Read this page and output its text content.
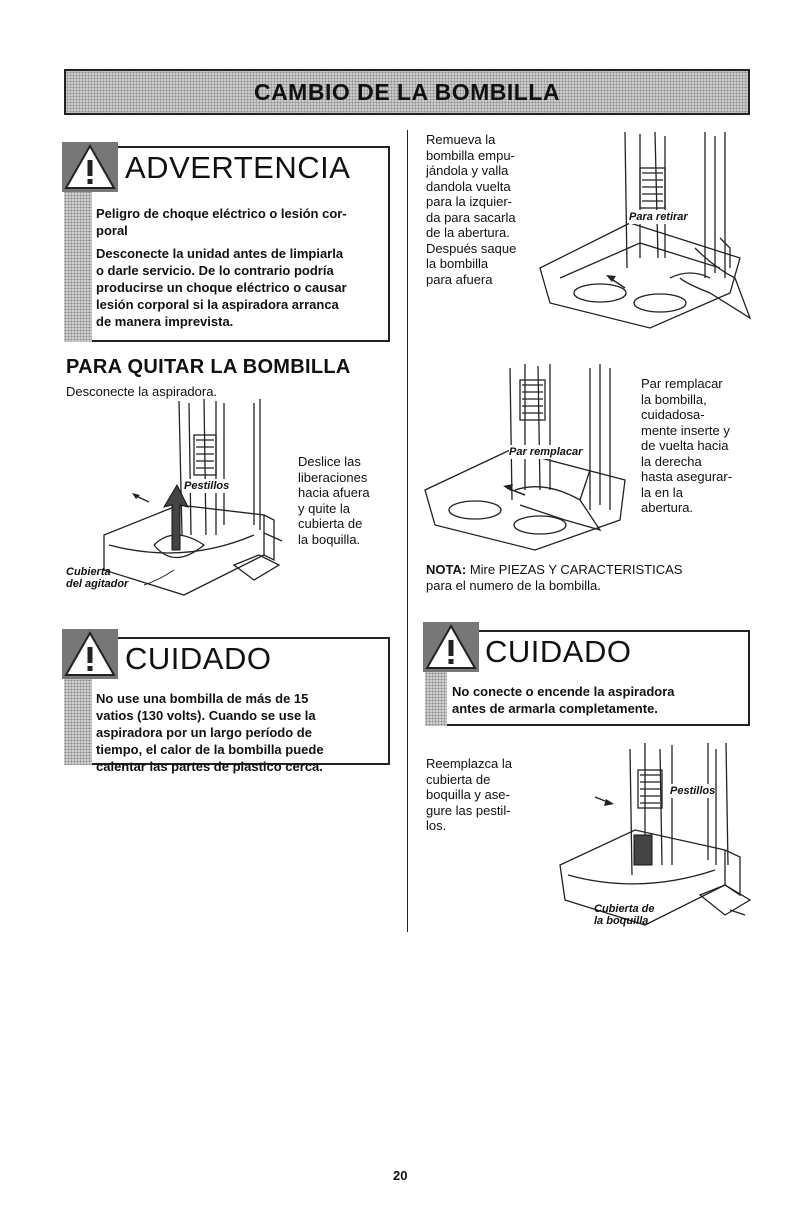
CAMBIO DE LA BOMBILLA
ADVERTENCIA
Peligro de choque eléctrico o lesión cor-
poral
Desconecte la unidad antes de limpiarla
o darle servicio. De lo contrario podría
producirse un choque eléctrico o causar
lesión corporal si la aspiradora arranca
de manera imprevista.
PARA QUITAR LA BOMBILLA
Desconecte la aspiradora.
Pestillos
Cubierta
del agitador
Deslice las
liberaciones
hacia afuera
y quite la
cubierta de
la boquilla.
CUIDADO
No use una bombilla de más de 15
vatios (130 volts). Cuando se use la
aspiradora por un largo período de
tiempo, el calor de la bombilla puede
calentar las partes de plastico cerca.
Remueva la
bombilla empu-
jándola y valla
dandola vuelta
para la izquier-
da para sacarla
de la abertura.
Después saque
la bombilla
para afuera
Para retirar
Par remplacar
Par remplacar
la bombilla,
cuidadosa-
mente inserte y
de vuelta hacia
la derecha
hasta asegurar-
la en la
abertura.
NOTA: Mire PIEZAS Y CARACTERISTICAS
para el numero de la bombilla.
CUIDADO
No conecte o encende la aspiradora
antes de armarla completamente.
Reemplazca la
cubierta de
boquilla y ase-
gure las pestil-
los.
Pestillos
Cubierta de
la boquilla
20
